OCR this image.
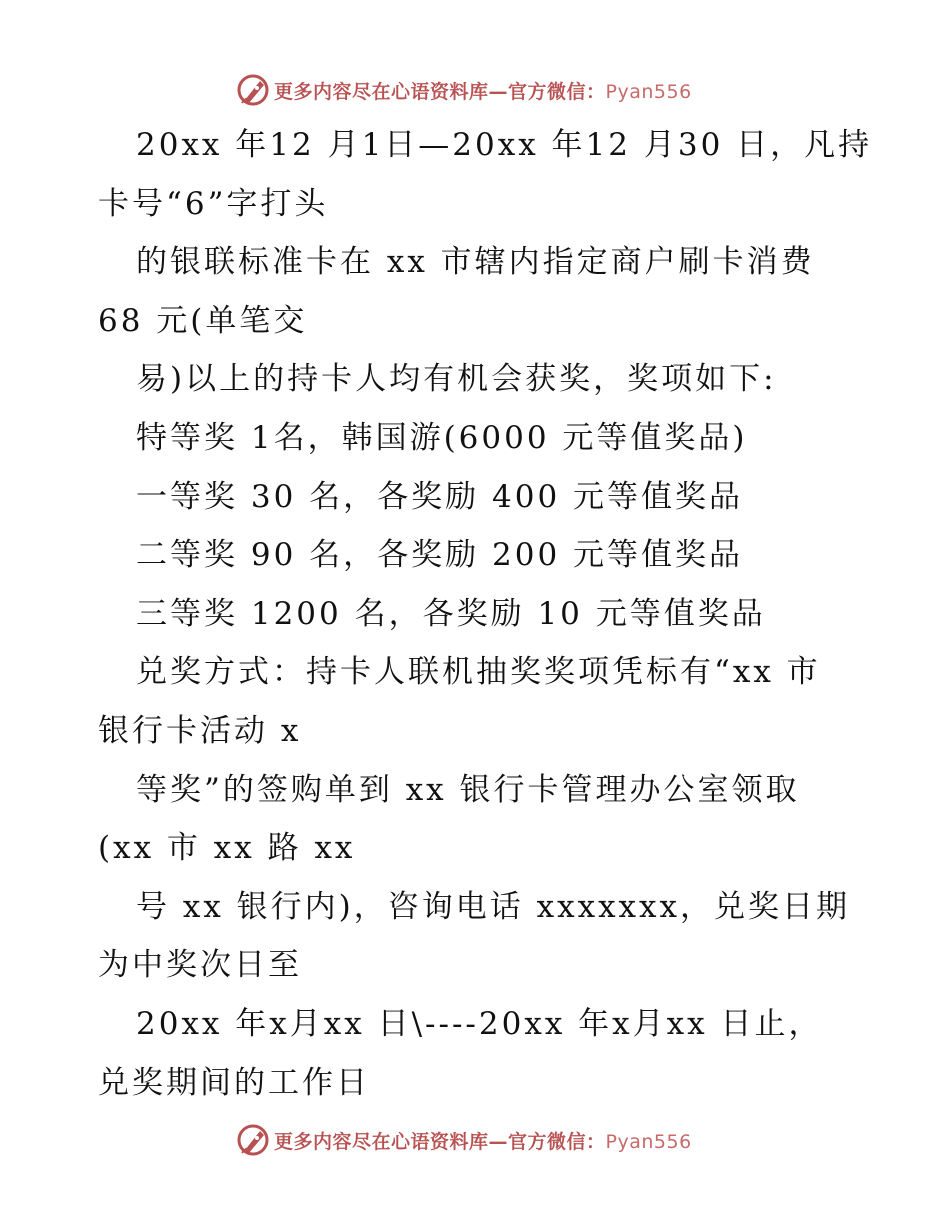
更多内容尽在心语资料库—官方微信：Pyan556
20xx 年12 月1日—20xx 年12 月30 日，凡持
卡号“6”字打头
的银联标准卡在 xx 市辖内指定商户刷卡消费
68 元(单笔交
易)以上的持卡人均有机会获奖，奖项如下:
特等奖 1名，韩国游(6000 元等值奖品)
一等奖 30 名，各奖励 400 元等值奖品
二等奖 90 名，各奖励 200 元等值奖品
三等奖 1200 名，各奖励 10 元等值奖品
兑奖方式：持卡人联机抽奖奖项凭标有“xx 市
银行卡活动 x
等奖”的签购单到 xx 银行卡管理办公室领取
(xx 市 xx 路 xx
号 xx 银行内)，咨询电话 xxxxxxx，兑奖日期
为中奖次日至
20xx 年x月xx 日\----20xx 年x月xx 日止，
兑奖期间的工作日
更多内容尽在心语资料库—官方微信：Pyan556
